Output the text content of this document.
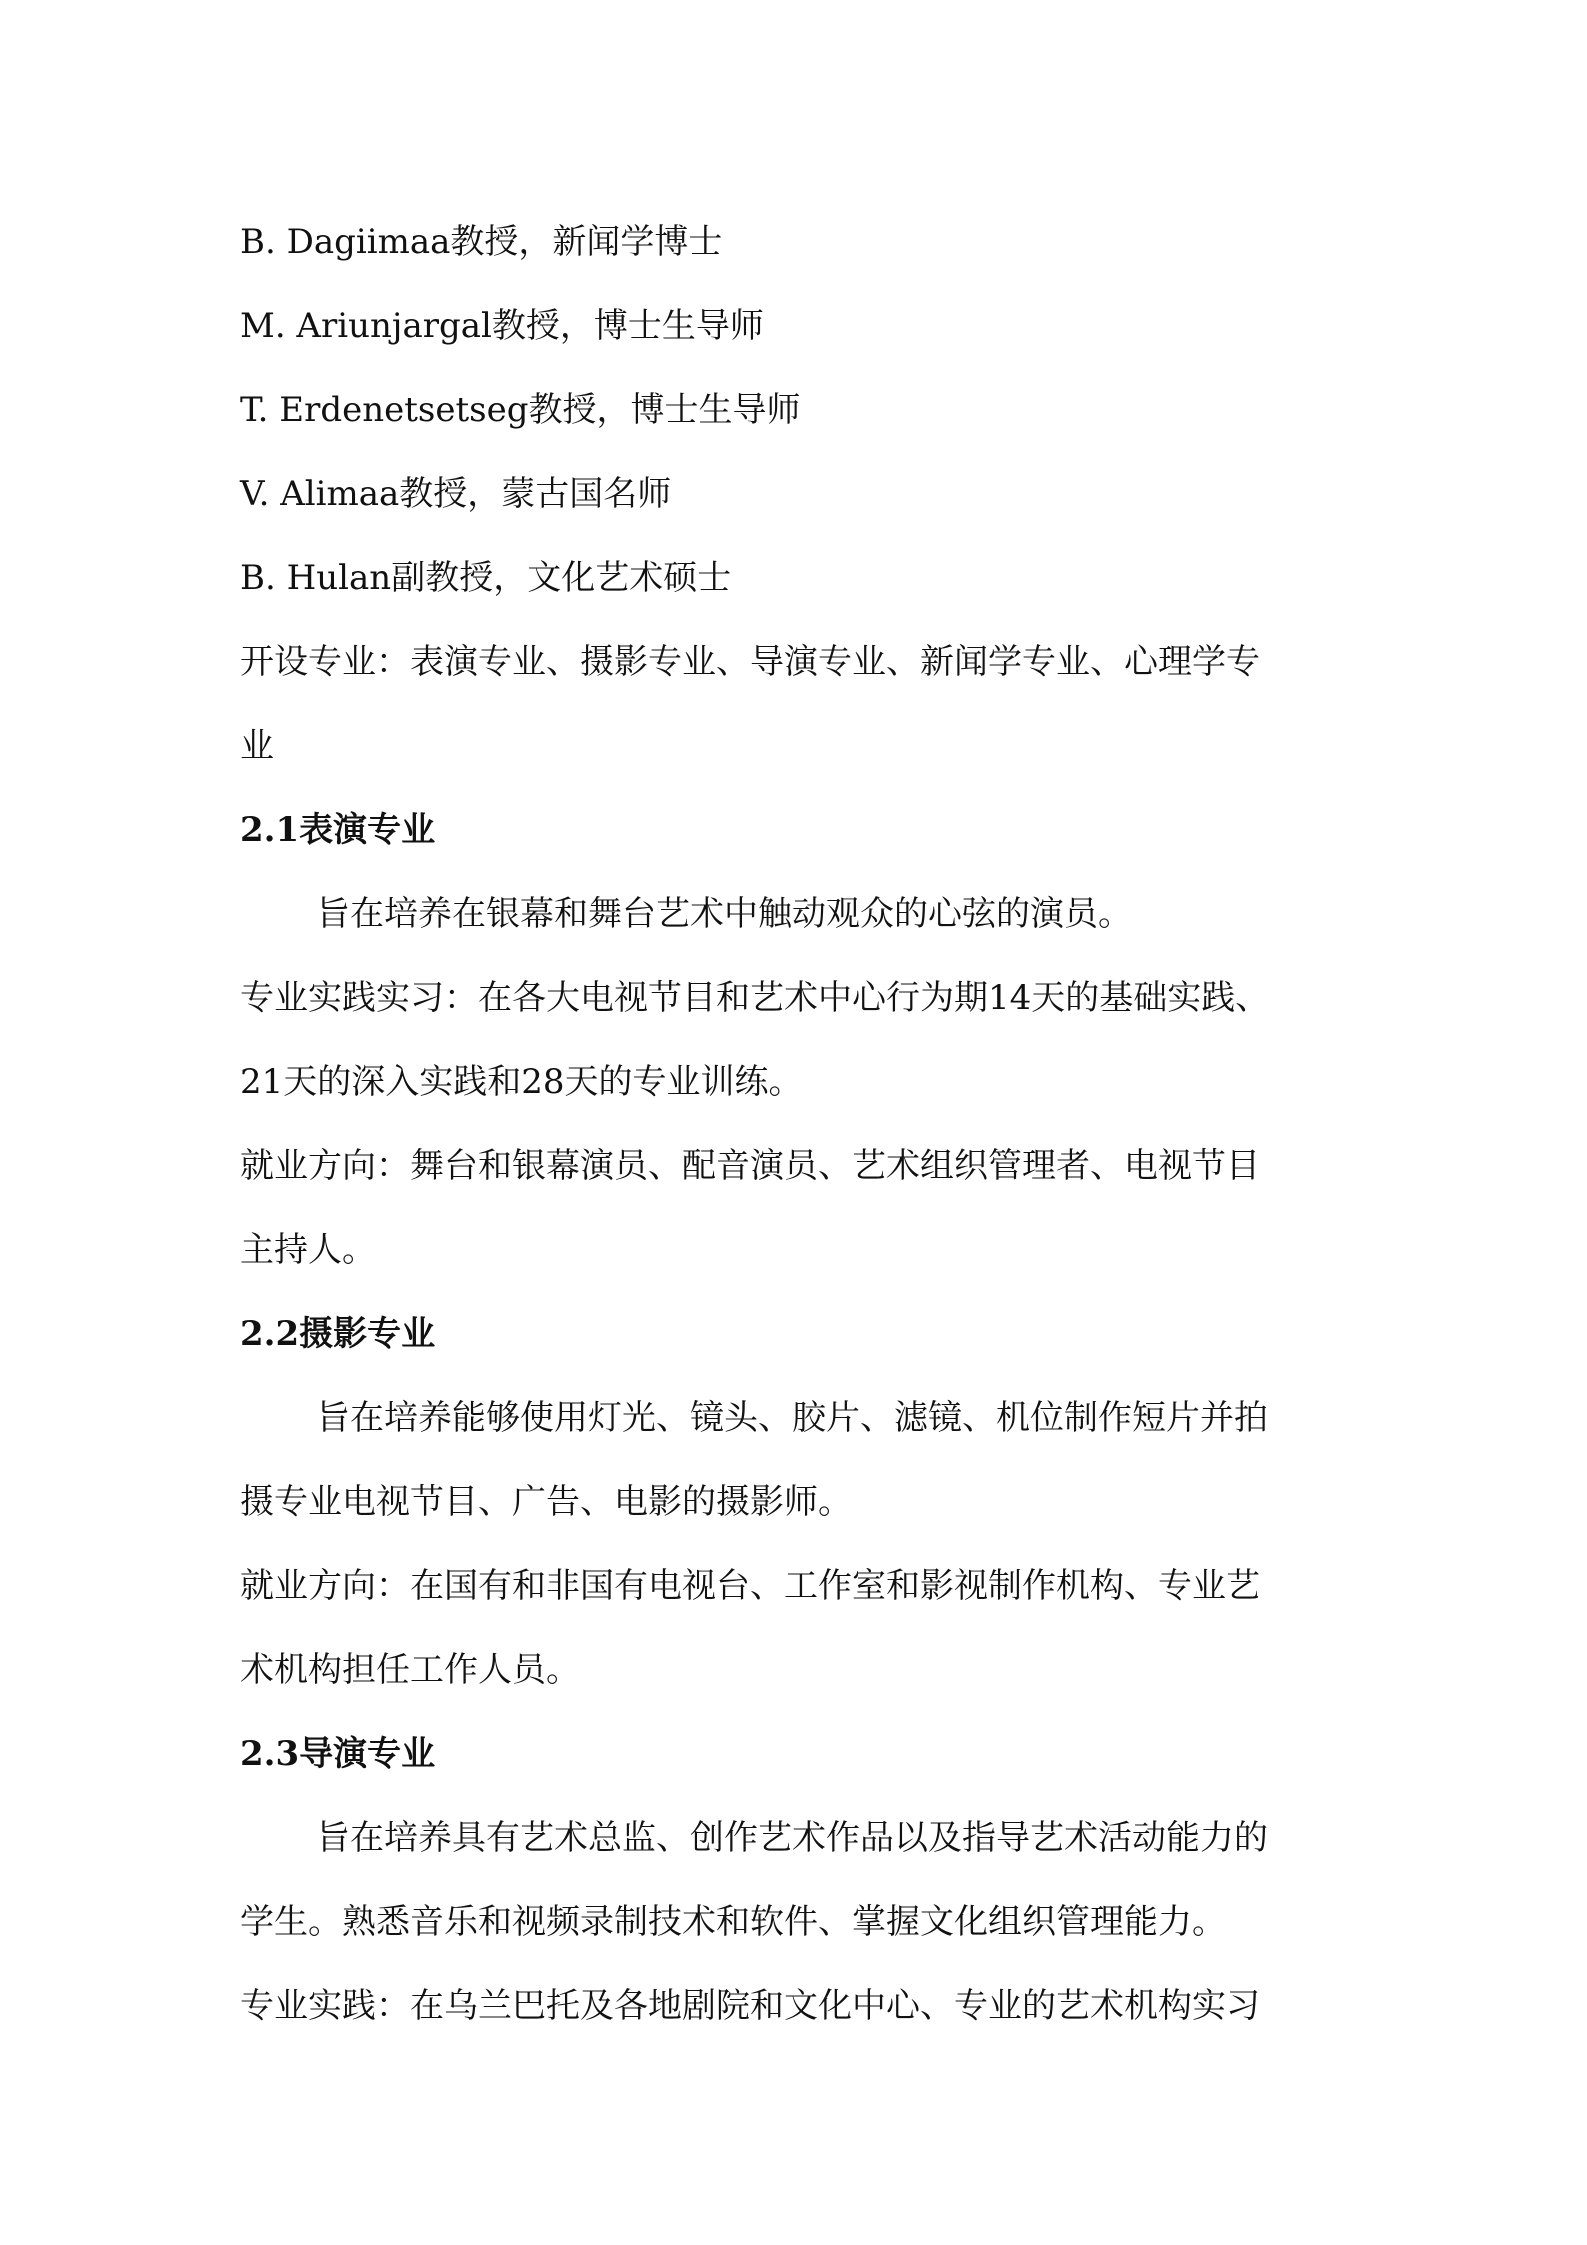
B. Dagiimaa教授，新闻学博士
M. Ariunjargal教授，博士生导师
T. Erdenetsetseg教授，博士生导师
V. Alimaa教授，蒙古国名师
B. Hulan副教授，文化艺术硕士
开设专业：表演专业、摄影专业、导演专业、新闻学专业、心理学专
业
2.1表演专业
旨在培养在银幕和舞台艺术中触动观众的心弦的演员。
专业实践实习：在各大电视节目和艺术中心行为期14天的基础实践、
21天的深入实践和28天的专业训练。
就业方向：舞台和银幕演员、配音演员、艺术组织管理者、电视节目
主持人。
2.2摄影专业
旨在培养能够使用灯光、镜头、胶片、滤镜、机位制作短片并拍
摄专业电视节目、广告、电影的摄影师。
就业方向：在国有和非国有电视台、工作室和影视制作机构、专业艺
术机构担任工作人员。
2.3导演专业
旨在培养具有艺术总监、创作艺术作品以及指导艺术活动能力的
学生。熟悉音乐和视频录制技术和软件、掌握文化组织管理能力。
专业实践：在乌兰巴托及各地剧院和文化中心、专业的艺术机构实习
